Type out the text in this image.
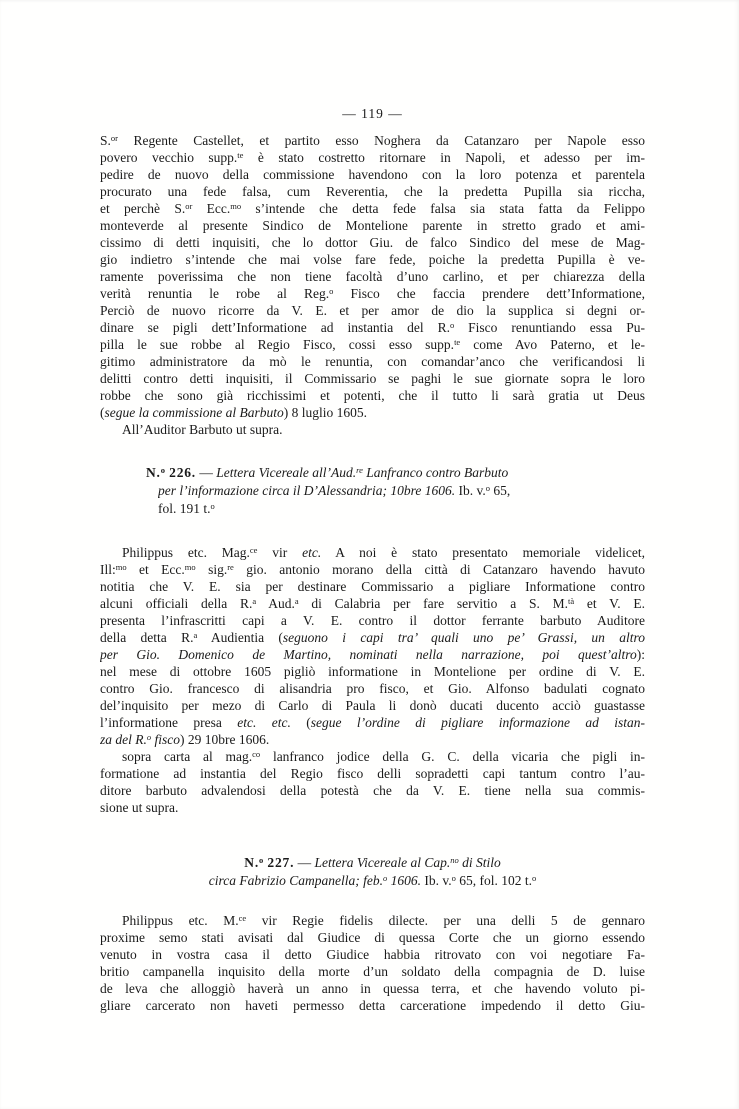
— 119 —
S.$^{or}$ Regente Castellet, et partito esso Noghera da Catanzaro per Napole esso
povero vecchio supp.$^{te}$ è stato costretto ritornare in Napoli, et adesso per im-
pedire de nuovo della commissione havendono con la loro potenza et parentela
procurato una fede falsa, cum Reverentia, che la predetta Pupilla sia riccha,
et perchè S.$^{or}$ Ecc.$^{mo}$ s’intende che detta fede falsa sia stata fatta da Felippo
monteverde al presente Sindico de Montelione parente in stretto grado et ami-
cissimo di detti inquisiti, che lo dottor Giu. de falco Sindico del mese de Mag-
gio indietro s’intende che mai volse fare fede, poiche la predetta Pupilla è ve-
ramente poverissima che non tiene facoltà d’uno carlino, et per chiarezza della
verità renuntia le robe al Reg.$^o$ Fisco che faccia prendere dett’Informatione,
Perciò de nuovo ricorre da V. E. et per amor de dio la supplica si degni or-
dinare se pigli dett’Informatione ad instantia del R.$^o$ Fisco renuntiando essa Pu-
pilla le sue robbe al Regio Fisco, cossi esso supp.$^{te}$ come Avo Paterno, et le-
gitimo administratore da mò le renuntia, con comandar’anco che verificandosi li
delitti contro detti inquisiti, il Commissario se paghi le sue giornate sopra le loro
robbe che sono già ricchissimi et potenti, che il tutto li sarà gratia ut Deus
(segue la commissione al Barbuto) 8 luglio 1605.
All’Auditor Barbuto ut supra.
N.$^o$ 226. — Lettera Vicereale all’Aud.$^{re}$ Lanfranco contro Barbuto
per l’informazione circa il D’Alessandria; 10bre 1606. Ib. v.$^o$ 65,
fol. 191 t.$^o$
Philippus etc. Mag.$^{ce}$ vir etc. A noi è stato presentato memoriale videlicet,
Ill:$^{mo}$ et Ecc.$^{mo}$ sig.$^{re}$ gio. antonio morano della città di Catanzaro havendo havuto
notitia che V. E. sia per destinare Commissario a pigliare Informatione contro
alcuni officiali della R.$^a$ Aud.$^a$ di Calabria per fare servitio a S. M.$^{tà}$ et V. E.
presenta l’infrascritti capi a V. E. contro il dottor ferrante barbuto Auditore
della detta R.$^a$ Audientia (seguono i capi tra’ quali uno pe’ Grassi, un altro
per Gio. Domenico de Martino, nominati nella narrazione, poi quest’altro):
nel mese di ottobre 1605 pigliò informatione in Montelione per ordine di V. E.
contro Gio. francesco di alisandria pro fisco, et Gio. Alfonso badulati cognato
del’inquisito per mezo di Carlo di Paula li donò ducati ducento acciò guastasse
l’informatione presa etc. etc. (segue l’ordine di pigliare informazione ad istan-
za del R.$^o$ fisco) 29 10bre 1606.
sopra carta al mag.$^{co}$ lanfranco jodice della G. C. della vicaria che pigli in-
formatione ad instantia del Regio fisco delli sopradetti capi tantum contro l’au-
ditore barbuto advalendosi della potestà che da V. E. tiene nella sua commis-
sione ut supra.
N.$^o$ 227. — Lettera Vicereale al Cap.$^{no}$ di Stilo
circa Fabrizio Campanella; feb.$^o$ 1606. Ib. v.$^o$ 65, fol. 102 t.$^o$
Philippus etc. M.$^{ce}$ vir Regie fidelis dilecte. per una delli 5 de gennaro
proxime semo stati avisati dal Giudice di quessa Corte che un giorno essendo
venuto in vostra casa il detto Giudice habbia ritrovato con voi negotiare Fa-
britio campanella inquisito della morte d’un soldato della compagnia de D. luise
de leva che alloggiò haverà un anno in quessa terra, et che havendo voluto pi-
gliare carcerato non haveti permesso detta carceratione impedendo il detto Giu-
